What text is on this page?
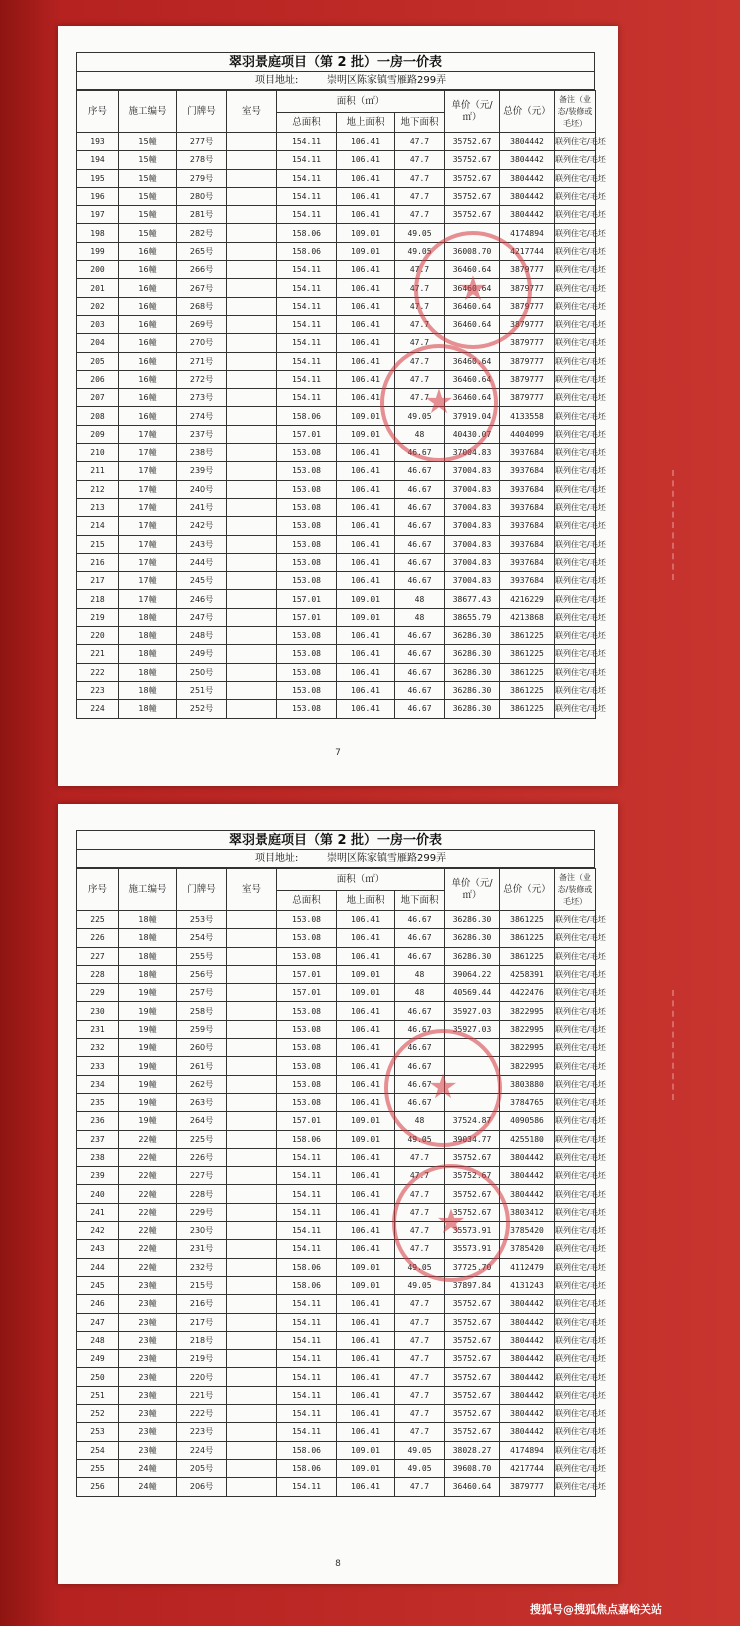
翠羽景庭项目（第 2 批）一房一价表
项目地址:	崇明区陈家镇雪雁路299弄
序号	施工编号	门牌号	室号	面积（㎡）			单价（元/㎡）	总价（元）	备注（业态/装修或毛坯）
				总面积	地上面积	地下面积			
193	15幢	277号		154.11	106.41	47.7	35752.67	3804442	联列住宅/毛坯
194	15幢	278号		154.11	106.41	47.7	35752.67	3804442	联列住宅/毛坯
195	15幢	279号		154.11	106.41	47.7	35752.67	3804442	联列住宅/毛坯
196	15幢	280号		154.11	106.41	47.7	35752.67	3804442	联列住宅/毛坯
197	15幢	281号		154.11	106.41	47.7	35752.67	3804442	联列住宅/毛坯
198	15幢	282号		158.06	109.01	49.05		4174894	联列住宅/毛坯
199	16幢	265号		158.06	109.01	49.05	36008.70	4217744	联列住宅/毛坯
200	16幢	266号		154.11	106.41	47.7	36460.64	3879777	联列住宅/毛坯
201	16幢	267号		154.11	106.41	47.7	36460.64	3879777	联列住宅/毛坯
202	16幢	268号		154.11	106.41	47.7	36460.64	3879777	联列住宅/毛坯
203	16幢	269号		154.11	106.41	47.7	36460.64	3879777	联列住宅/毛坯
204	16幢	270号		154.11	106.41	47.7		3879777	联列住宅/毛坯
205	16幢	271号		154.11	106.41	47.7	36460.64	3879777	联列住宅/毛坯
206	16幢	272号		154.11	106.41	47.7	36460.64	3879777	联列住宅/毛坯
207	16幢	273号		154.11	106.41	47.7	36460.64	3879777	联列住宅/毛坯
208	16幢	274号		158.06	109.01	49.05	37919.04	4133558	联列住宅/毛坯
209	17幢	237号		157.01	109.01	48	40430.07	4404099	联列住宅/毛坯
210	17幢	238号		153.08	106.41	46.67	37004.83	3937684	联列住宅/毛坯
211	17幢	239号		153.08	106.41	46.67	37004.83	3937684	联列住宅/毛坯
212	17幢	240号		153.08	106.41	46.67	37004.83	3937684	联列住宅/毛坯
213	17幢	241号		153.08	106.41	46.67	37004.83	3937684	联列住宅/毛坯
214	17幢	242号		153.08	106.41	46.67	37004.83	3937684	联列住宅/毛坯
215	17幢	243号		153.08	106.41	46.67	37004.83	3937684	联列住宅/毛坯
216	17幢	244号		153.08	106.41	46.67	37004.83	3937684	联列住宅/毛坯
217	17幢	245号		153.08	106.41	46.67	37004.83	3937684	联列住宅/毛坯
218	17幢	246号		157.01	109.01	48	38677.43	4216229	联列住宅/毛坯
219	18幢	247号		157.01	109.01	48	38655.79	4213868	联列住宅/毛坯
220	18幢	248号		153.08	106.41	46.67	36286.30	3861225	联列住宅/毛坯
221	18幢	249号		153.08	106.41	46.67	36286.30	3861225	联列住宅/毛坯
222	18幢	250号		153.08	106.41	46.67	36286.30	3861225	联列住宅/毛坯
223	18幢	251号		153.08	106.41	46.67	36286.30	3861225	联列住宅/毛坯
224	18幢	252号		153.08	106.41	46.67	36286.30	3861225	联列住宅/毛坯
★
★
7
翠羽景庭项目（第 2 批）一房一价表
项目地址:	崇明区陈家镇雪雁路299弄
序号	施工编号	门牌号	室号	面积（㎡）			单价（元/㎡）	总价（元）	备注（业态/装修或毛坯）
				总面积	地上面积	地下面积			
225	18幢	253号		153.08	106.41	46.67	36286.30	3861225	联列住宅/毛坯
226	18幢	254号		153.08	106.41	46.67	36286.30	3861225	联列住宅/毛坯
227	18幢	255号		153.08	106.41	46.67	36286.30	3861225	联列住宅/毛坯
228	18幢	256号		157.01	109.01	48	39064.22	4258391	联列住宅/毛坯
229	19幢	257号		157.01	109.01	48	40569.44	4422476	联列住宅/毛坯
230	19幢	258号		153.08	106.41	46.67	35927.03	3822995	联列住宅/毛坯
231	19幢	259号		153.08	106.41	46.67	35927.03	3822995	联列住宅/毛坯
232	19幢	260号		153.08	106.41	46.67		3822995	联列住宅/毛坯
233	19幢	261号		153.08	106.41	46.67		3822995	联列住宅/毛坯
234	19幢	262号		153.08	106.41	46.67		3803880	联列住宅/毛坯
235	19幢	263号		153.08	106.41	46.67		3784765	联列住宅/毛坯
236	19幢	264号		157.01	109.01	48	37524.87	4090586	联列住宅/毛坯
237	22幢	225号		158.06	109.01	49.05	39034.77	4255180	联列住宅/毛坯
238	22幢	226号		154.11	106.41	47.7	35752.67	3804442	联列住宅/毛坯
239	22幢	227号		154.11	106.41	47.7	35752.67	3804442	联列住宅/毛坯
240	22幢	228号		154.11	106.41	47.7	35752.67	3804442	联列住宅/毛坯
241	22幢	229号		154.11	106.41	47.7	35752.67	3803412	联列住宅/毛坯
242	22幢	230号		154.11	106.41	47.7	35573.91	3785420	联列住宅/毛坯
243	22幢	231号		154.11	106.41	47.7	35573.91	3785420	联列住宅/毛坯
244	22幢	232号		158.06	109.01	49.05	37725.70	4112479	联列住宅/毛坯
245	23幢	215号		158.06	109.01	49.05	37897.84	4131243	联列住宅/毛坯
246	23幢	216号		154.11	106.41	47.7	35752.67	3804442	联列住宅/毛坯
247	23幢	217号		154.11	106.41	47.7	35752.67	3804442	联列住宅/毛坯
248	23幢	218号		154.11	106.41	47.7	35752.67	3804442	联列住宅/毛坯
249	23幢	219号		154.11	106.41	47.7	35752.67	3804442	联列住宅/毛坯
250	23幢	220号		154.11	106.41	47.7	35752.67	3804442	联列住宅/毛坯
251	23幢	221号		154.11	106.41	47.7	35752.67	3804442	联列住宅/毛坯
252	23幢	222号		154.11	106.41	47.7	35752.67	3804442	联列住宅/毛坯
253	23幢	223号		154.11	106.41	47.7	35752.67	3804442	联列住宅/毛坯
254	23幢	224号		158.06	109.01	49.05	38028.27	4174894	联列住宅/毛坯
255	24幢	205号		158.06	109.01	49.05	39608.70	4217744	联列住宅/毛坯
256	24幢	206号		154.11	106.41	47.7	36460.64	3879777	联列住宅/毛坯
★
★
8
搜狐号@搜狐焦点嘉峪关站
